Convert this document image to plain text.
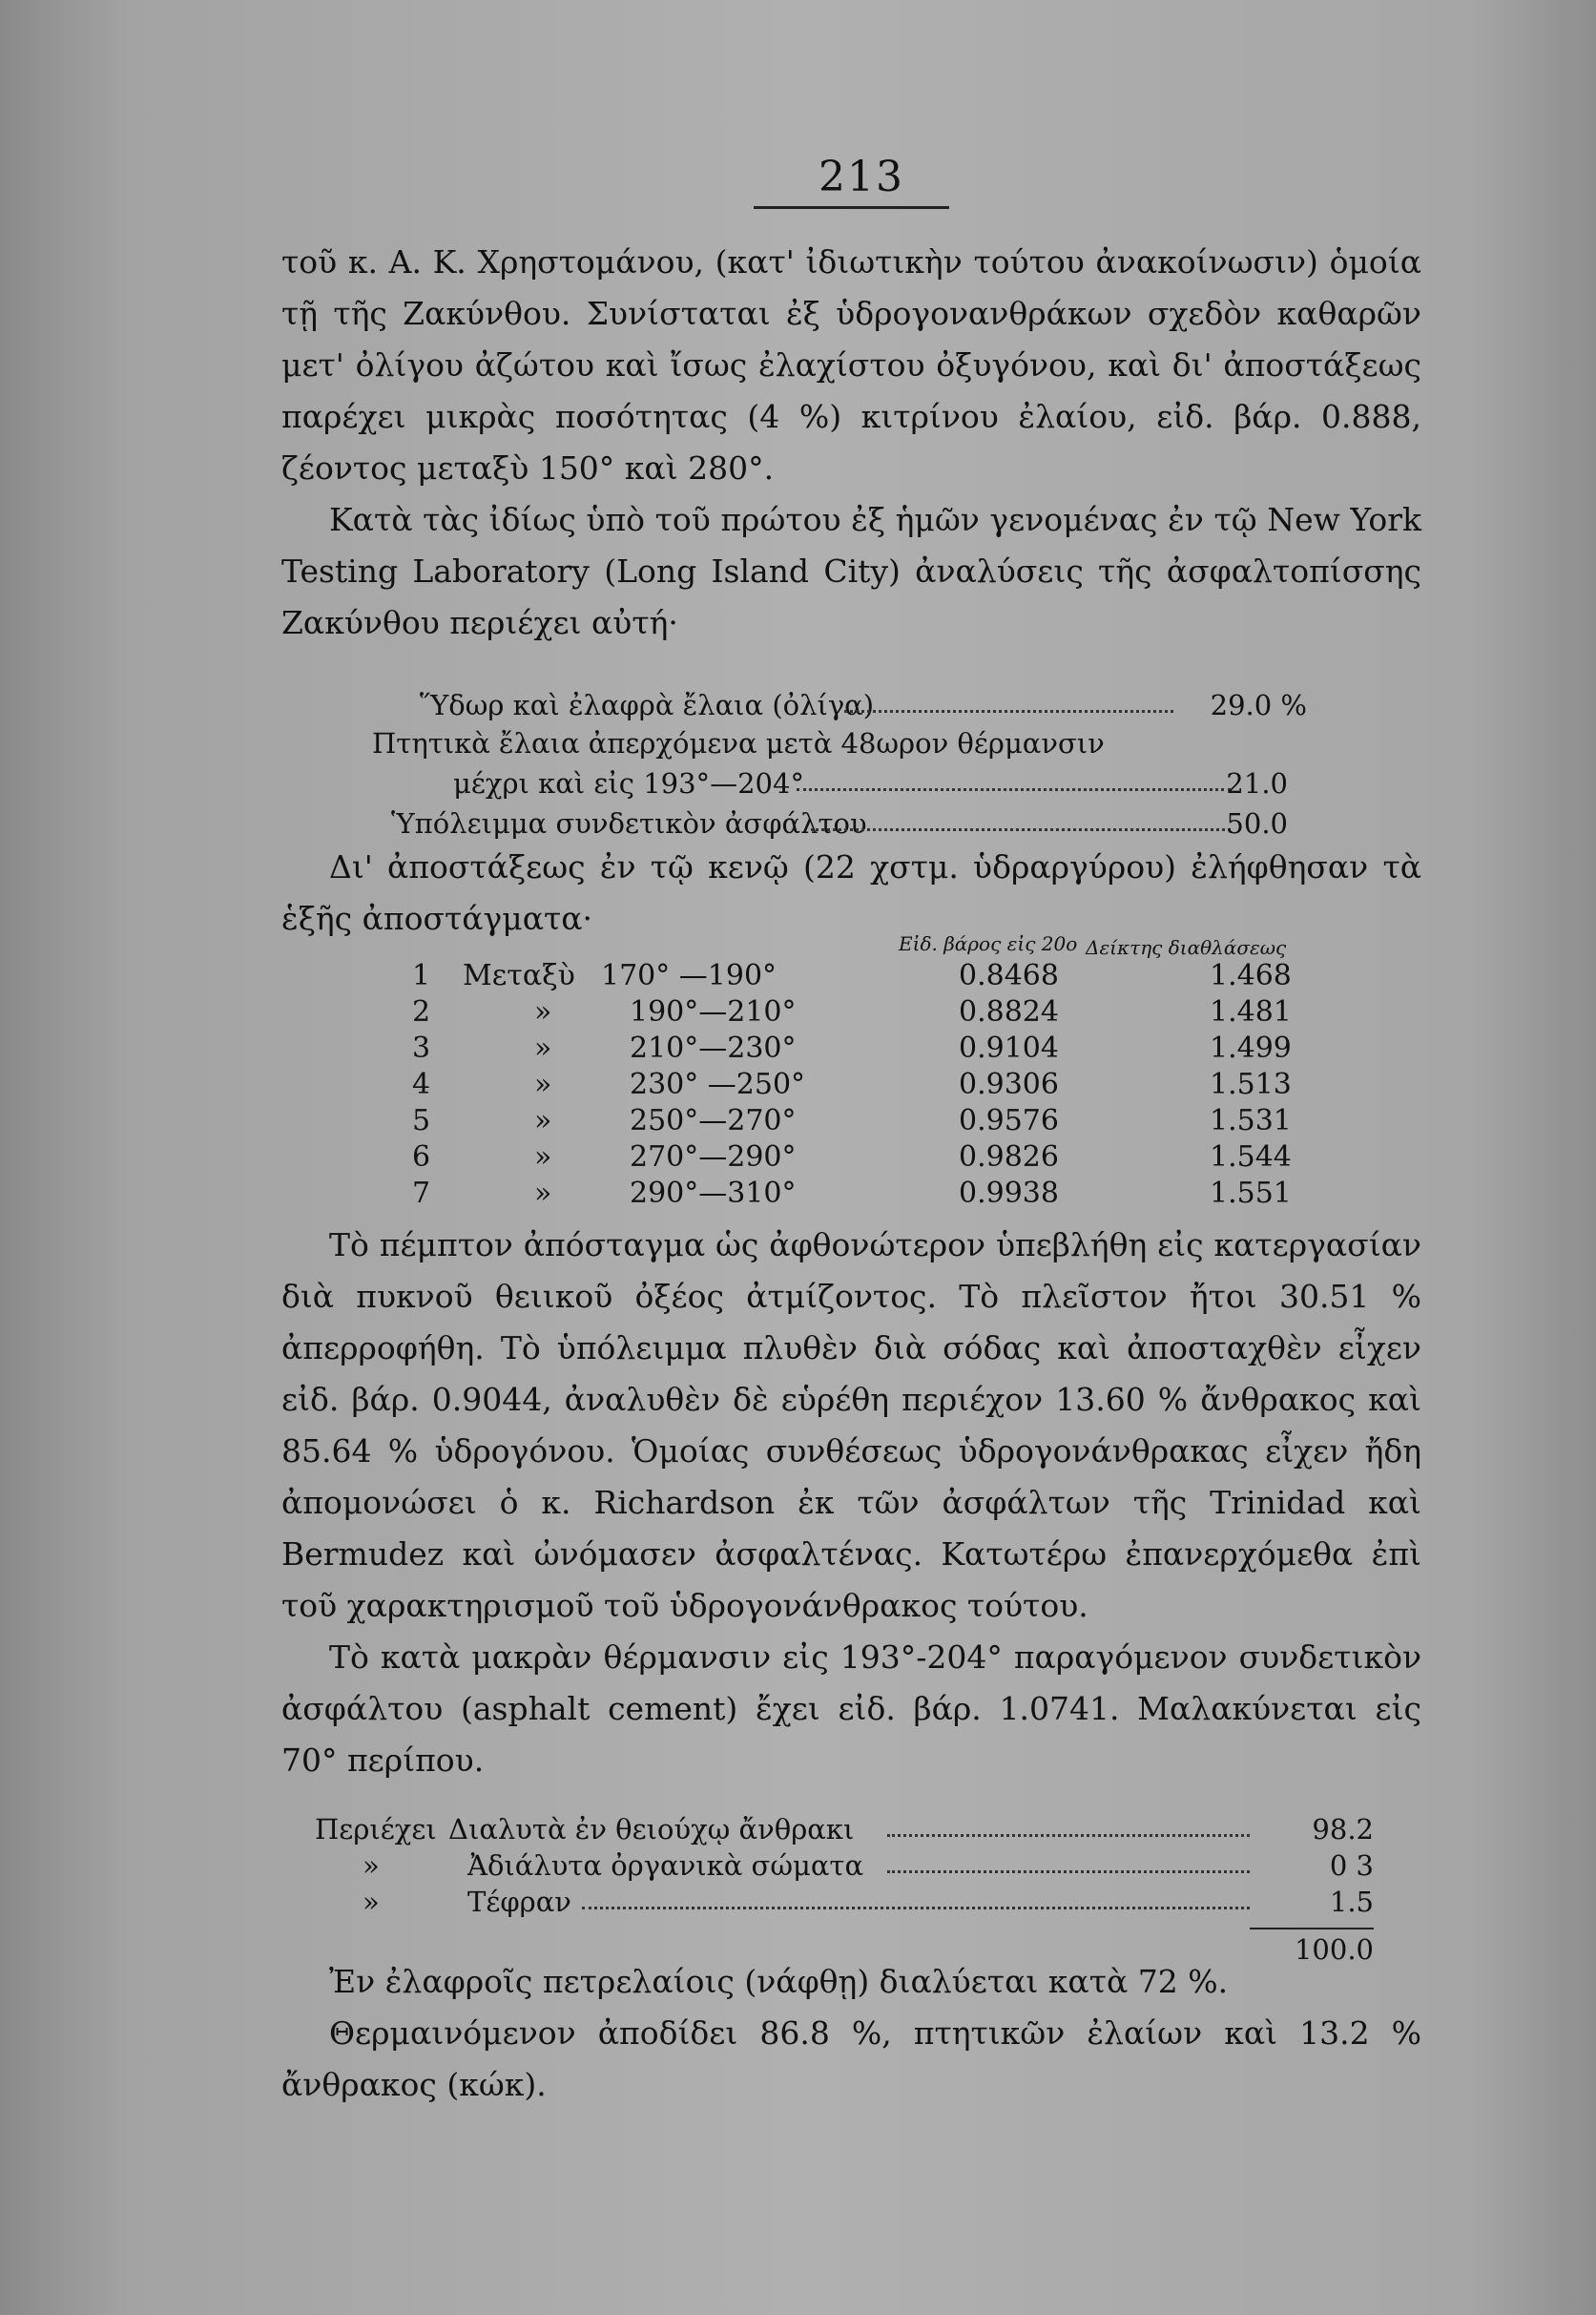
213

τοῦ κ. Α. Κ. Χρηστομάνου, (κατ' ἰδιωτικὴν τούτου ἀνακοίνωσιν) ὁμοία τῇ τῆς Ζακύνθου. Συνίσταται ἐξ ὑδρογονανθράκων σχεδὸν καθαρῶν μετ' ὀλίγου ἀζώτου καὶ ἴσως ἐλαχίστου ὀξυγόνου, καὶ δι' ἀποστάξεως παρέχει μικρὰς ποσότητας (4 %) κιτρίνου ἐλαίου, εἰδ. βάρ. 0.888, ζέοντος μεταξὺ 150° καὶ 280°.

Κατὰ τὰς ἰδίως ὑπὸ τοῦ πρώτου ἐξ ἡμῶν γενομένας ἐν τῷ New York Testing Laboratory (Long Island City) ἀναλύσεις τῆς ἀσφαλτοπίσσης Ζακύνθου περιέχει αὐτή·

Ὕδωρ καὶ ἐλαφρὰ ἔλαια (ὀλίγα)	29.0 %
Πτητικὰ ἔλαια ἀπερχόμενα μετὰ 48ωρον θέρμανσιν
μέχρι καὶ εἰς 193°—204°	21.0
Ὑπόλειμμα συνδετικὸν ἀσφάλτου	50.0

Δι' ἀποστάξεως ἐν τῷ κενῷ (22 χστμ. ὑδραργύρου) ἐλήφθησαν τὰ ἑξῆς ἀποστάγματα·

Εἰδ. βάρος εἰς 20ο Δείκτης διαθλάσεως
1 Μεταξὺ 170° —190°	0.8468	1.468
2	»	190°—210°	0.8824	1.481
3	»	210°—230°	0.9104	1.499
4	»	230° —250°	0.9306	1.513
5	»	250°—270°	0.9576	1.531
6	»	270°—290°	0.9826	1.544
7	»	290°—310°	0.9938	1.551

Τὸ πέμπτον ἀπόσταγμα ὡς ἀφθονώτερον ὑπεβλήθη εἰς κατεργασίαν διὰ πυκνοῦ θειικοῦ ὀξέος ἀτμίζοντος. Τὸ πλεῖστον ἤτοι 30.51 % ἀπερροφήθη. Τὸ ὑπόλειμμα πλυθὲν διὰ σόδας καὶ ἀποσταχθὲν εἶχεν εἰδ. βάρ. 0.9044, ἀναλυθὲν δὲ εὑρέθη περιέχον 13.60 % ἄνθρακος καὶ 85.64 % ὑδρογόνου. Ὁμοίας συνθέσεως ὑδρογονάνθρακας εἶχεν ἤδη ἀπομονώσει ὁ κ. Richardson ἐκ τῶν ἀσφάλτων τῆς Trinidad καὶ Bermudez καὶ ὠνόμασεν ἀσφαλτένας. Κατωτέρω ἐπανερχόμεθα ἐπὶ τοῦ χαρακτηρισμοῦ τοῦ ὑδρογονάνθρακος τούτου.

Τὸ κατὰ μακρὰν θέρμανσιν εἰς 193°-204° παραγόμενον συνδετικὸν ἀσφάλτου (asphalt cement) ἔχει εἰδ. βάρ. 1.0741. Μαλακύνεται εἰς 70° περίπου.

Περιέχει Διαλυτὰ ἐν θειούχῳ ἄνθρακι	98.2
»	Ἀδιάλυτα ὀργανικὰ σώματα	0 3
»	Τέφραν	1.5
100.0

Ἐν ἐλαφροῖς πετρελαίοις (νάφθῃ) διαλύεται κατὰ 72 %.

Θερμαινόμενον ἀποδίδει 86.8 %, πτητικῶν ἐλαίων καὶ 13.2 % ἄνθρακος (κώκ).
